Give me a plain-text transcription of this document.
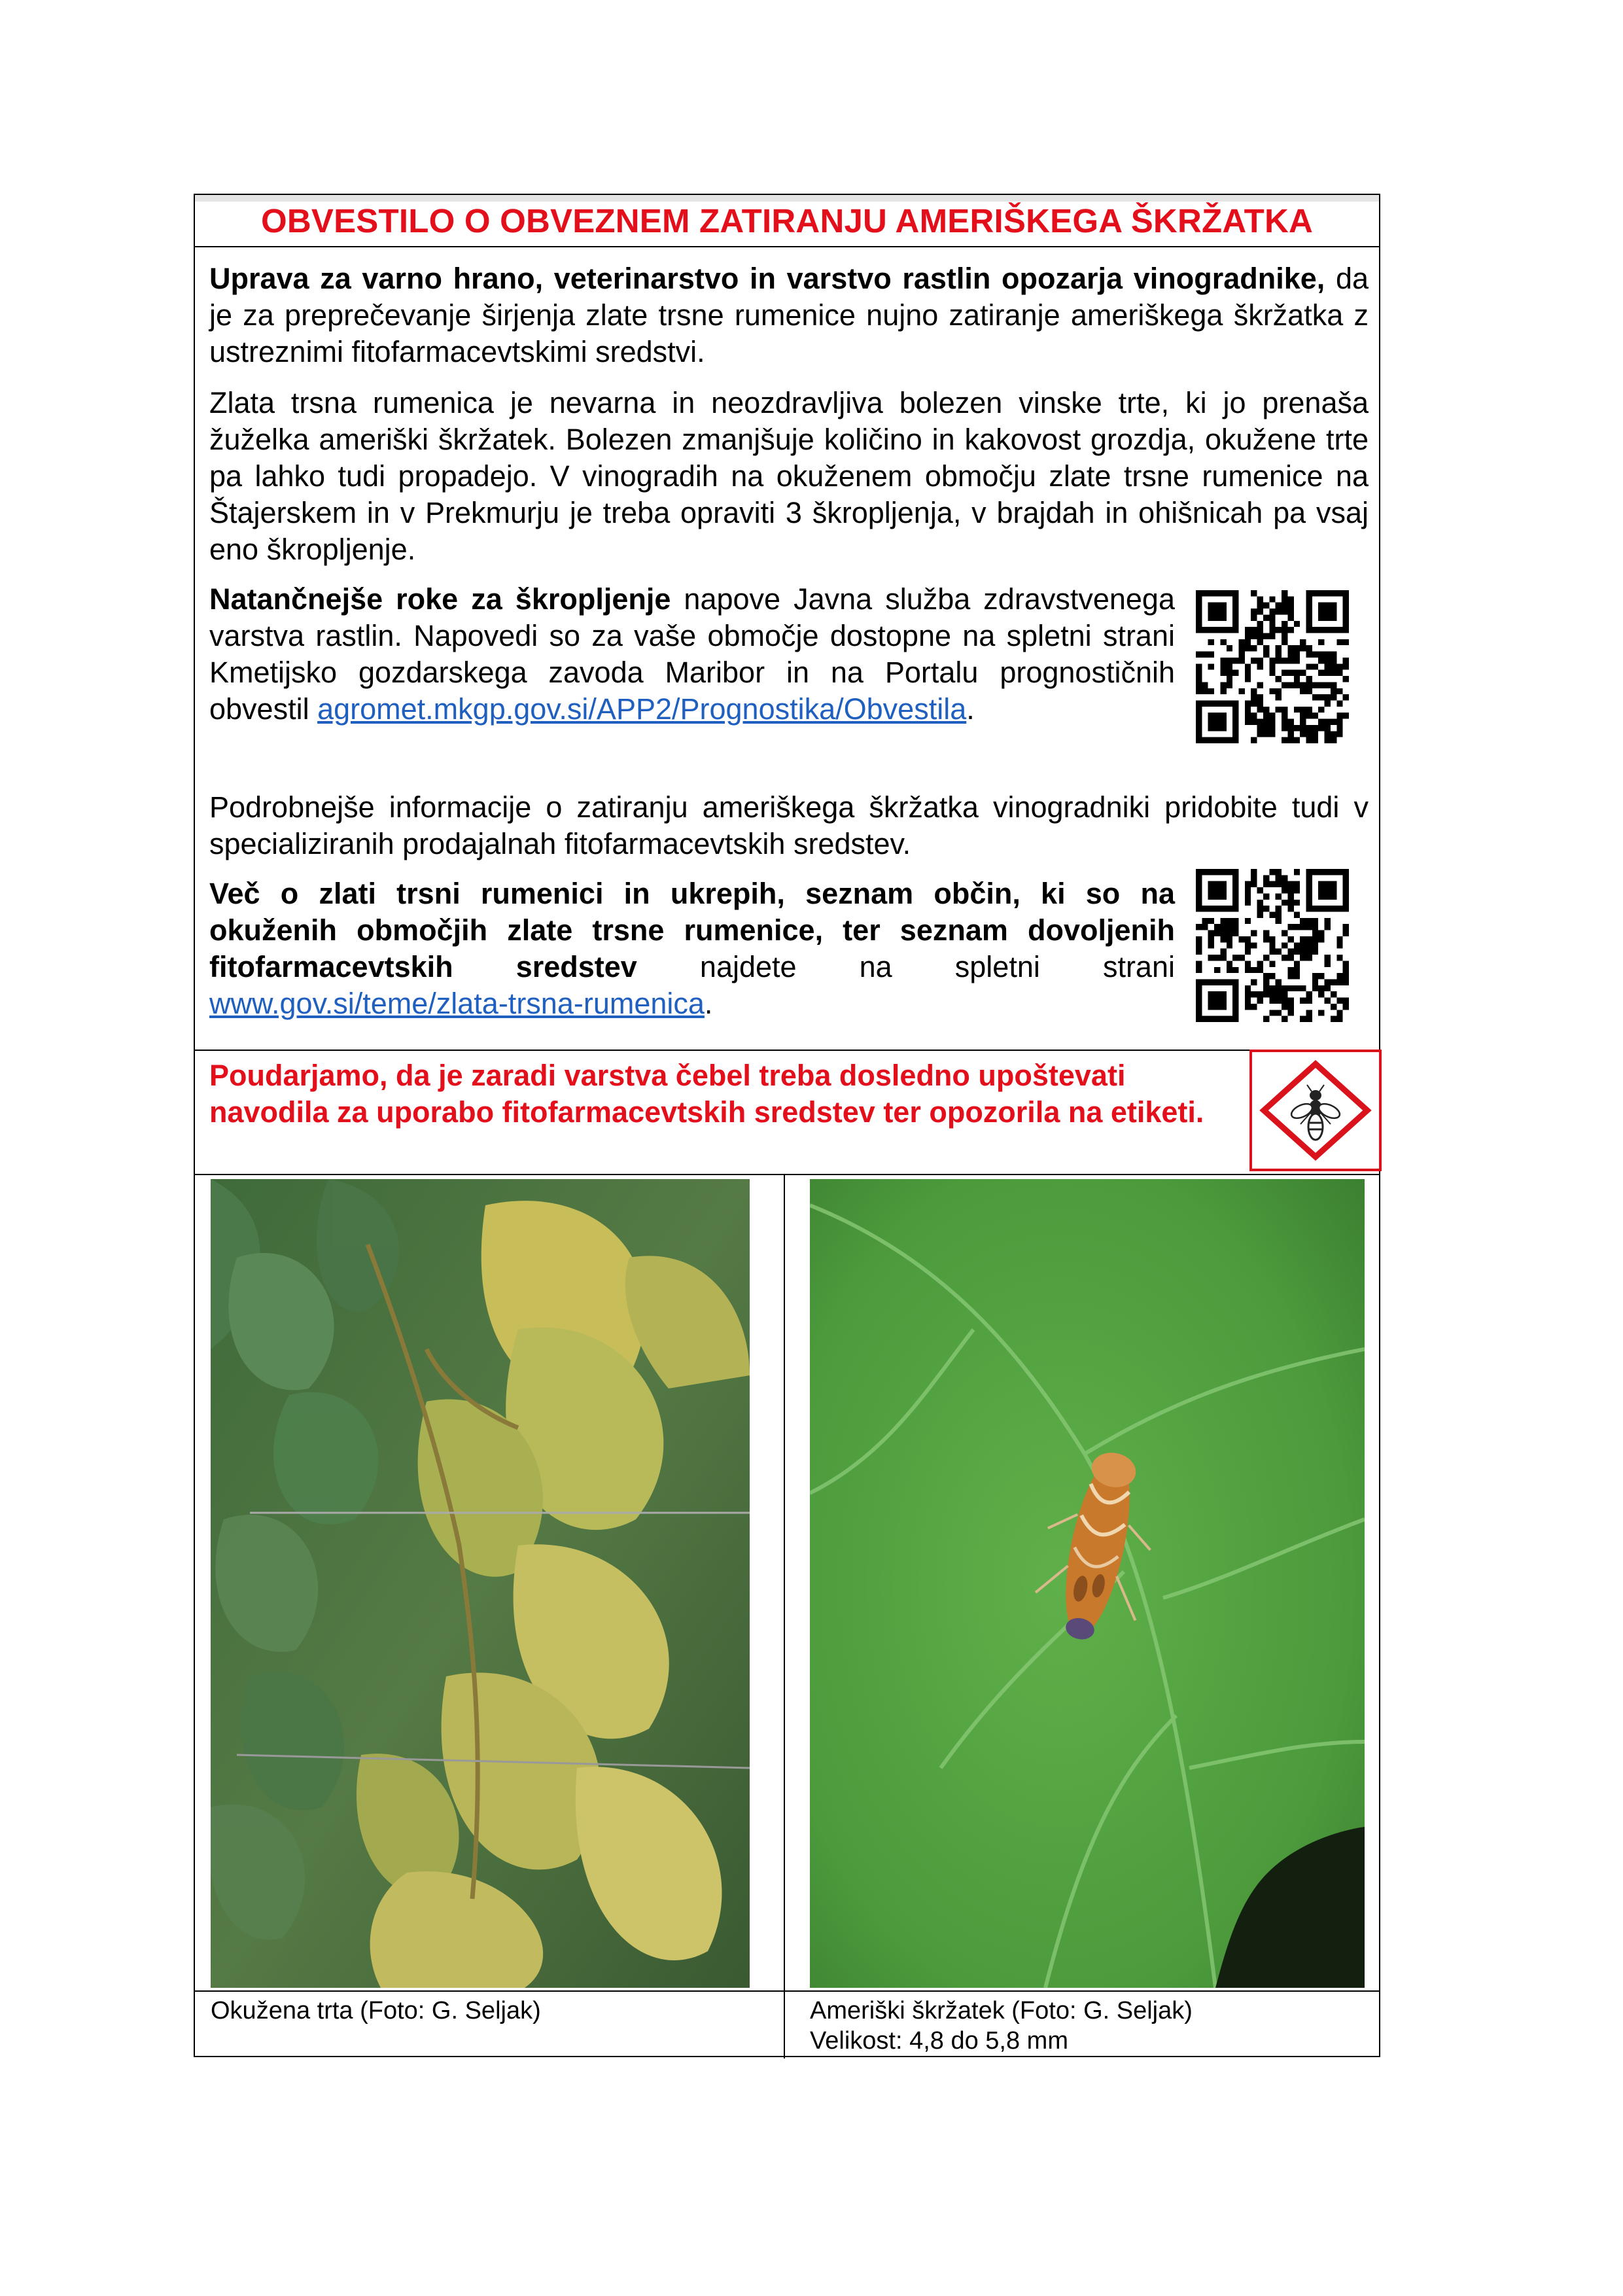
OBVESTILO O OBVEZNEM ZATIRANJU AMERIŠKEGA ŠKRŽATKA
Uprava za varno hrano, veterinarstvo in varstvo rastlin opozarja vinogradnike, da je za preprečevanje širjenja zlate trsne rumenice nujno zatiranje ameriškega škržatka z ustreznimi fitofarmacevtskimi sredstvi.
Zlata trsna rumenica je nevarna in neozdravljiva bolezen vinske trte, ki jo prenaša žuželka ameriški škržatek. Bolezen zmanjšuje količino in kakovost grozdja, okužene trte pa lahko tudi propadejo. V vinogradih na okuženem območju zlate trsne rumenice na Štajerskem in v Prekmurju je treba opraviti 3 škropljenja, v brajdah in ohišnicah pa vsaj eno škropljenje.
Natančnejše roke za škropljenje napove Javna služba zdravstvenega varstva rastlin. Napovedi so za vaše območje dostopne na spletni strani Kmetijsko gozdarskega zavoda Maribor in na Portalu prognostičnih obvestil agromet.mkgp.gov.si/APP2/Prognostika/Obvestila.
Podrobnejše informacije o zatiranju ameriškega škržatka vinogradniki pridobite tudi v specializiranih prodajalnah fitofarmacevtskih sredstev.
Več o zlati trsni rumenici in ukrepih, seznam občin, ki so na okuženih območjih zlate trsne rumenice, ter seznam dovoljenih fitofarmacevtskih sredstev najdete na spletni strani www.gov.si/teme/zlata-trsna-rumenica.
Poudarjamo, da je zaradi varstva čebel treba dosledno upoštevati navodila za uporabo fitofarmacevtskih sredstev ter opozorila na etiketi.
Okužena trta (Foto: G. Seljak)	Ameriški škržatek (Foto: G. Seljak)
Velikost: 4,8 do 5,8 mm
